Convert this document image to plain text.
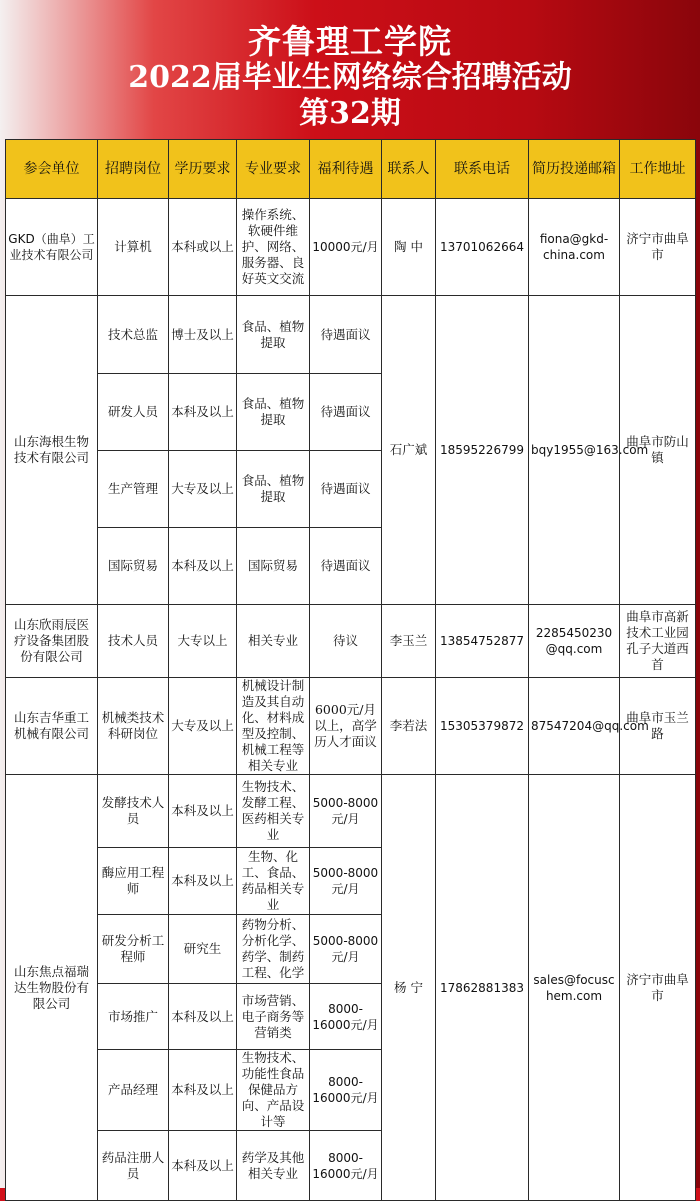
齐鲁理工学院
2022届毕业生网络综合招聘活动
第32期
参会单位	招聘岗位	学历要求	专业要求	福利待遇	联系人	联系电话	简历投递邮箱	工作地址
GKD（曲阜）工业技术有限公司	计算机	本科或以上	操作系统、软硬件维护、网络、服务器、良好英文交流	10000元/月	陶 中	13701062664	fiona@gkd-china.com	济宁市曲阜市
山东海根生物技术有限公司	技术总监	博士及以上	食品、植物提取	待遇面议	石广斌	18595226799	bqy1955@163.com	曲阜市防山镇
	研发人员	本科及以上	食品、植物提取	待遇面议				
	生产管理	大专及以上	食品、植物提取	待遇面议				
	国际贸易	本科及以上	国际贸易	待遇面议				
山东欣雨辰医疗设备集团股份有限公司	技术人员	大专以上	相关专业	待议	李玉兰	13854752877	2285450230@qq.com	曲阜市高新技术工业园孔子大道西首
山东吉华重工机械有限公司	机械类技术科研岗位	大专及以上	机械设计制造及其自动化、材料成型及控制、机械工程等相关专业	6000元/月以上，高学历人才面议	李若法	15305379872	87547204@qq.com	曲阜市玉兰路
山东焦点福瑞达生物股份有限公司	发酵技术人员	本科及以上	生物技术、发酵工程、医药相关专业	5000-8000元/月	杨 宁	17862881383	sales@focuschem.com	济宁市曲阜市
	酶应用工程师	本科及以上	生物、化工、食品、药品相关专业	5000-8000元/月				
	研发分析工程师	研究生	药物分析、分析化学、药学、制药工程、化学	5000-8000元/月				
	市场推广	本科及以上	市场营销、电子商务等营销类	8000-16000元/月				
	产品经理	本科及以上	生物技术、功能性食品保健品方向、产品设计等	8000-16000元/月				
	药品注册人员	本科及以上	药学及其他相关专业	8000-16000元/月				
